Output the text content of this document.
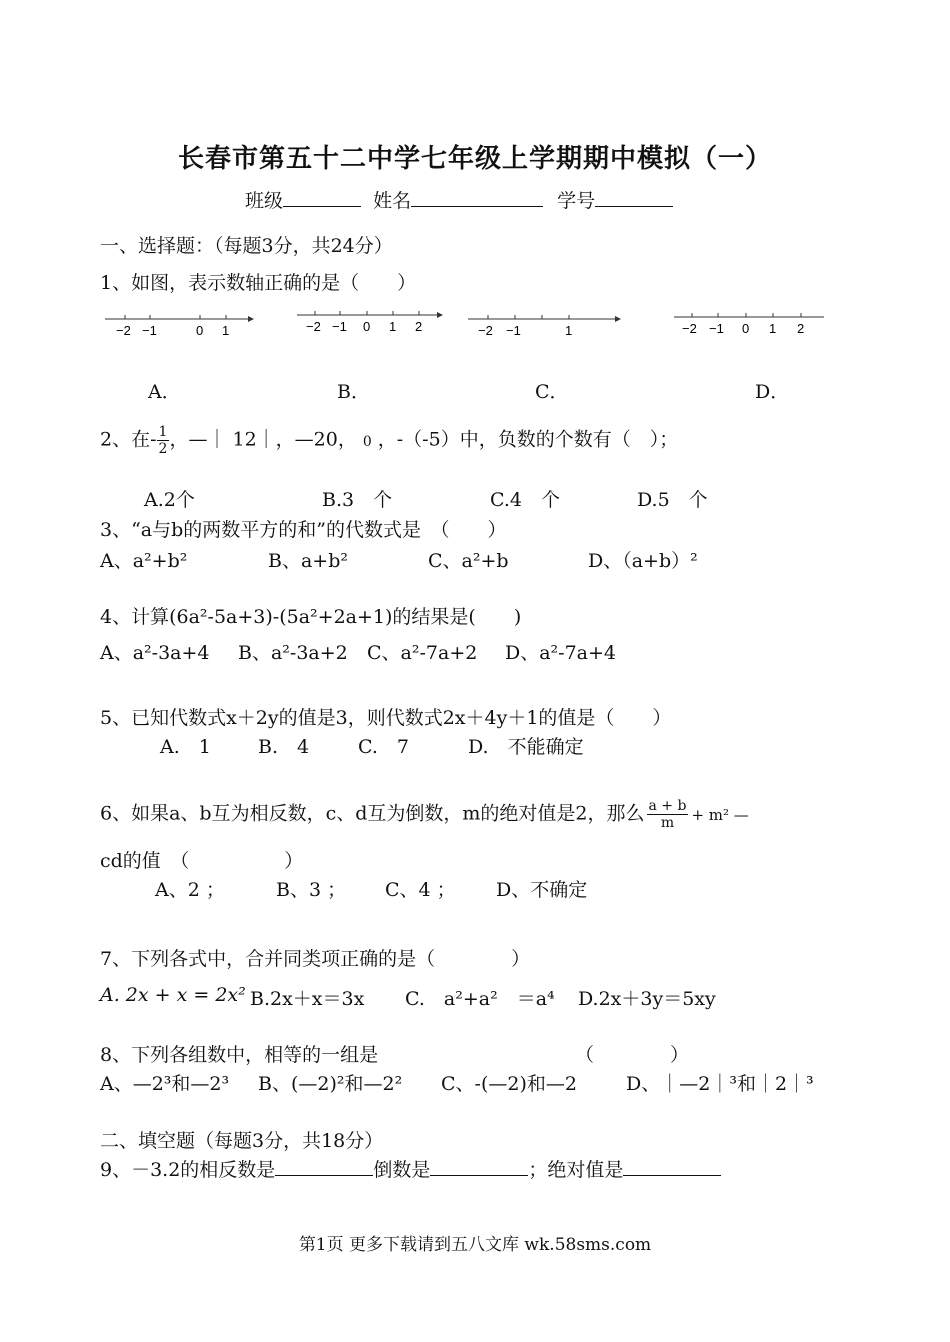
长春市第五十二中学七年级上学期期中模拟（一）
班级	姓名	学号
一、选择题：（每题3分，共24分）
1、如图，表示数轴正确的是（　　）
−2 −1	0 1	−2 −1 0 1 2	−2 −1	1	−2 −1 0 1 2
A．	B．	C．	D．
2、在- $\frac{1}{2}$ ，—｜ 12｜，—20， 0 ，-（-5）中，负数的个数有（　）；
A.2个	B.3　个	C.4　个	D.5　个
3、“a与b的两数平方的和”的代数式是　（　　）
A、a²+b²	B、a+b²	C、a²+b	D、（a+b）²
4、计算(6a²-5a+3)-(5a²+2a+1)的结果是(　　)
A、a²-3a+4 B、a²-3a+2 C、a²-7a+2 D、a²-7a+4
5、已知代数式x＋2y的值是3，则代数式2x＋4y＋1的值是（　　）
A.　1 B.　4	C.　7	D.　不能确定
6、如果a、b互为相反数，c、d互为倒数，m的绝对值是2，那么 $\frac{a + b}{m} + m^2$ —
cd的值　（　　　　　）
A、2 ；	B、3 ； C、4 ； D、不确定
7、下列各式中，合并同类项正确的是（　　　　）
A. 2x + x = 2x² B.2x＋x＝3x C.　a²+a²　＝a⁴ D.2x＋3y＝5xy
8、下列各组数中，相等的一组是	（　　　　）
A、—2³和—2³ B、(—2)²和—2² C、-(—2)和—2	D、｜—2｜³和｜2｜³
二、填空题（每题3分，共18分）
9、－3.2的相反数是	倒数是	；绝对值是
第1页 更多下载请到五八文库 wk.58sms.com
